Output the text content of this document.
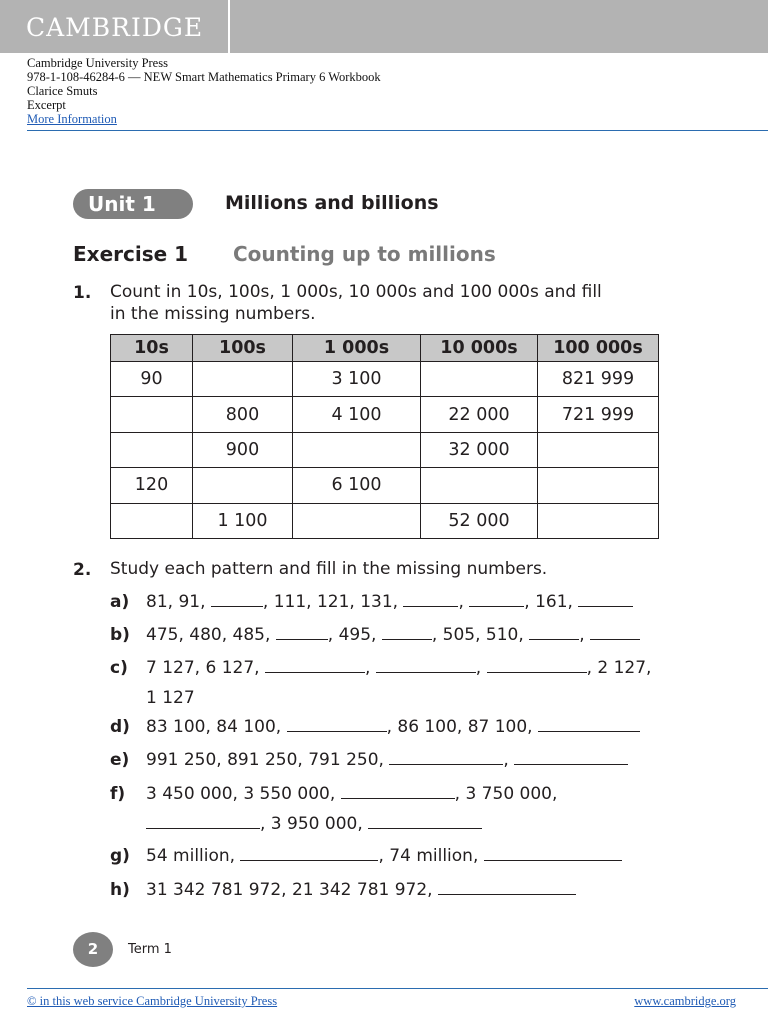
CAMBRIDGE
Cambridge University Press
978-1-108-46284-6 — NEW Smart Mathematics Primary 6 Workbook
Clarice Smuts
Excerpt
More Information
Unit 1	Millions and billions
Exercise 1 Counting up to millions
1. Count in 10s, 100s, 1 000s, 10 000s and 100 000s and fill
in the missing numbers.
10s	100s	1 000s	10 000s	100 000s
90		3 100		821 999
	800	4 100	22 000	721 999
	900		32 000	
120		6 100		
	1 100		52 000	
2. Study each pattern and fill in the missing numbers.
a) 81, 91,	, 111, 121, 131,	,	, 161,
b) 475, 480, 485,	, 495,	, 505, 510,	,
c) 7 127, 6 127,	,	,	, 2 127,
1 127
d) 83 100, 84 100,	, 86 100, 87 100,
e) 991 250, 891 250, 791 250,	,
f) 3 450 000, 3 550 000,	, 3 750 000,
, 3 950 000,
g) 54 million,	, 74 million,
h) 31 342 781 972, 21 342 781 972,
2	Term 1
© in this web service Cambridge University Press	www.cambridge.org
